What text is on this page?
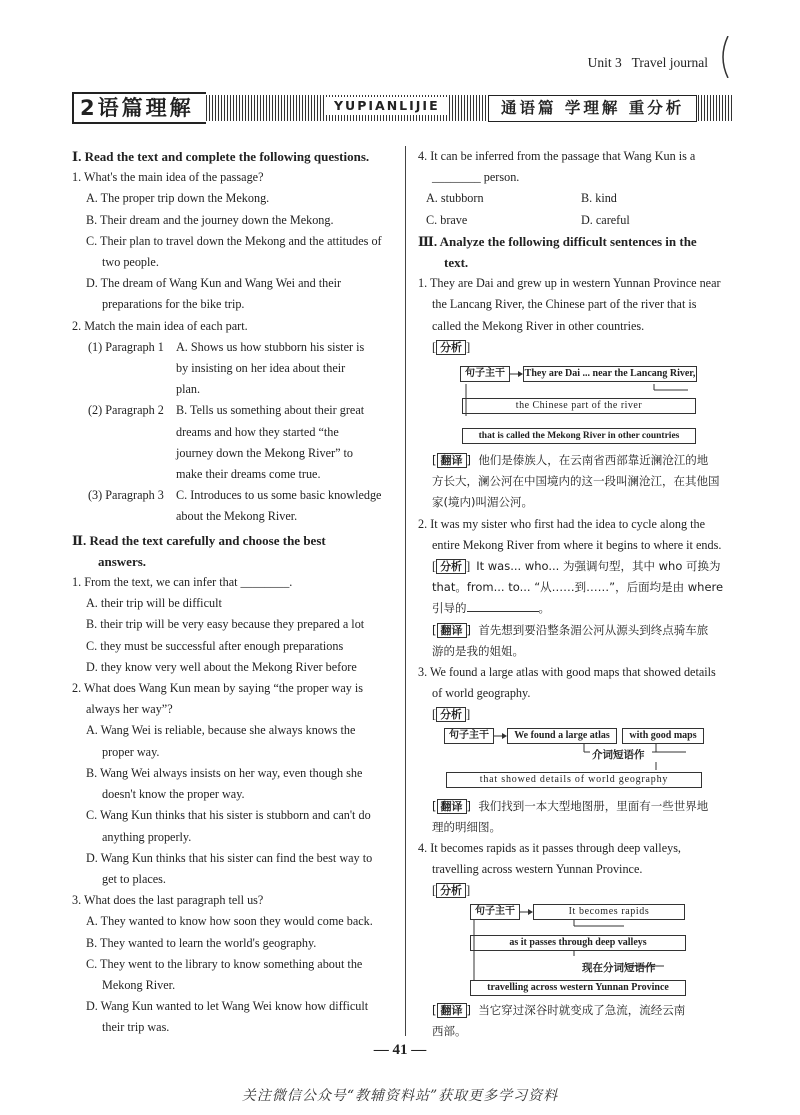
Unit 3 Travel journal
2语篇理解	YUPIANLIJIE	通语篇 学理解 重分析
Ⅰ. Read the text and complete the following questions.
1. What's the main idea of the passage?
A. The proper trip down the Mekong.
B. Their dream and the journey down the Mekong.
C. Their plan to travel down the Mekong and the attitudes of
two people.
D. The dream of Wang Kun and Wang Wei and their
preparations for the bike trip.
2. Match the main idea of each part.
(1) Paragraph 1 A. Shows us how stubborn his sister is
by insisting on her idea about their
plan.
(2) Paragraph 2 B. Tells us something about their great
dreams and how they started “the
journey down the Mekong River” to
make their dreams come true.
(3) Paragraph 3 C. Introduces to us some basic knowledge
about the Mekong River.
Ⅱ. Read the text carefully and choose the best
answers.
1. From the text, we can infer that ________.
A. their trip will be difficult
B. their trip will be very easy because they prepared a lot
C. they must be successful after enough preparations
D. they know very well about the Mekong River before
2. What does Wang Kun mean by saying “the proper way is
always her way”?
A. Wang Wei is reliable, because she always knows the
proper way.
B. Wang Wei always insists on her way, even though she
doesn't know the proper way.
C. Wang Kun thinks that his sister is stubborn and can't do
anything properly.
D. Wang Kun thinks that his sister can find the best way to
get to places.
3. What does the last paragraph tell us?
A. They wanted to know how soon they would come back.
B. They wanted to learn the world's geography.
C. They went to the library to know something about the
Mekong River.
D. Wang Kun wanted to let Wang Wei know how difficult
their trip was.
4. It can be inferred from the passage that Wang Kun is a
________ person.
A. stubborn	B. kind
C. brave	D. careful
Ⅲ. Analyze the following difficult sentences in the
text.
1. They are Dai and grew up in western Yunnan Province near
the Lancang River, the Chinese part of the river that is
called the Mekong River in other countries.
[ 分析 ]
句子主干	They are Dai ... near the Lancang River,
the Chinese part of the river
that is called the Mekong River in other countries
[ 翻译 ]  他们是傣族人，在云南省西部靠近澜沧江的地
方长大，澜公河在中国境内的这一段叫澜沧江，在其他国
家(境内)叫湄公河。
2. It was my sister who first had the idea to cycle along the
entire Mekong River from where it begins to where it ends.
[ 分析 ]  It was... who... 为强调句型，其中 who 可换为
that。from... to... “从……到……”，后面均是由 where
引导的	。
[ 翻译 ]  首先想到要沿整条湄公河从源头到终点骑车旅
游的是我的姐姐。
3. We found a large atlas with good maps that showed details
of world geography.
[ 分析 ]
句子主干	We found a large atlas	with good maps
介词短语作
that showed details of world geography
[ 翻译 ]  我们找到一本大型地图册，里面有一些世界地
理的明细图。
4. It becomes rapids as it passes through deep valleys,
travelling across western Yunnan Province.
[ 分析 ]
句子主干	It becomes rapids
as it passes through deep valleys
现在分词短语作
travelling across western Yunnan Province
[ 翻译 ]  当它穿过深谷时就变成了急流，流经云南
西部。
— 41 —
关注微信公众号“教辅资料站”获取更多学习资料
